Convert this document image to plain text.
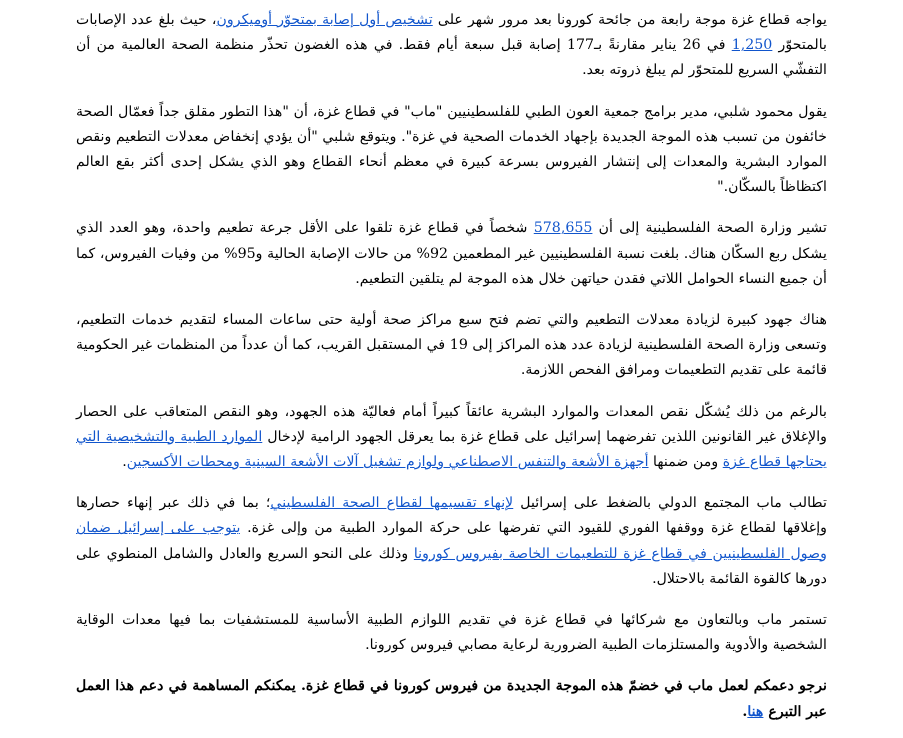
يواجه قطاع غزة موجة رابعة من جائحة كورونا بعد مرور شهر على تشخيص أول إصابة بمتحوّر أوميكرون، حيث بلغ عدد الإصابات بالمتحوّر 1,250 في 26 يناير مقارنةً بـ177 إصابة قبل سبعة أيام فقط. في هذه الغضون تحذّر منظمة الصحة العالمية من أن التفشّي السريع للمتحوّر لم يبلغ ذروته بعد.

يقول محمود شلبي، مدير برامج جمعية العون الطبي للفلسطينيين "ماب" في قطاع غزة، أن "هذا التطور مقلق جداً فعمّال الصحة خائفون من تسبب هذه الموجة الجديدة بإجهاد الخدمات الصحية في غزة". ويتوقع شلبي "أن يؤدي إنخفاض معدلات التطعيم ونقص الموارد البشرية والمعدات إلى إنتشار الفيروس بسرعة كبيرة في معظم أنحاء القطاع وهو الذي يشكل إحدى أكثر بقع العالم اكتظاظاً بالسكّان."

تشير وزارة الصحة الفلسطينية إلى أن 578,655 شخصاً في قطاع غزة تلقوا على الأقل جرعة تطعيم واحدة، وهو العدد الذي يشكل ربع السكّان هناك. بلغت نسبة الفلسطينيين غير المطعمين 92% من حالات الإصابة الحالية و95% من وفيات الفيروس، كما أن جميع النساء الحوامل اللاتي فقدن حياتهن خلال هذه الموجة لم يتلقين التطعيم.

هناك جهود كبيرة لزيادة معدلات التطعيم والتي تضم فتح سبع مراكز صحة أولية حتى ساعات المساء لتقديم خدمات التطعيم، وتسعى وزارة الصحة الفلسطينية لزيادة عدد هذه المراكز إلى 19 في المستقبل القريب، كما أن عدداً من المنظمات غير الحكومية قائمة على تقديم التطعيمات ومرافق الفحص اللازمة.

بالرغم من ذلك يُشكّل نقص المعدات والموارد البشرية عائقاً كبيراً أمام فعاليّة هذه الجهود، وهو النقص المتعاقب على الحصار والإغلاق غير القانونين اللذين تفرضهما إسرائيل على قطاع غزة بما يعرقل الجهود الرامية لإدخال الموارد الطبية والتشخيصية التي يحتاجها قطاع غزة ومن ضمنها أجهزة الأشعة والتنفس الاصطناعي ولوازم تشغيل آلات الأشعة السينية ومحطات الأكسجين.

تطالب ماب المجتمع الدولي بالضغط على إسرائيل لإنهاء تقسيمها لقطاع الصحة الفلسطيني؛ بما في ذلك عبر إنهاء حصارها وإغلاقها لقطاع غزة ووقفها الفوري للقيود التي تفرضها على حركة الموارد الطبية من وإلى غزة. يتوجب على إسرائيل ضمان وصول الفلسطينيين في قطاع غزة للتطعيمات الخاصة بفيروس كورونا وذلك على النحو السريع والعادل والشامل المنطوي على دورها كالقوة القائمة بالاحتلال.

تستمر ماب وبالتعاون مع شركائها في قطاع غزة في تقديم اللوازم الطبية الأساسية للمستشفيات بما فيها معدات الوقاية الشخصية والأدوية والمستلزمات الطبية الضرورية لرعاية مصابي فيروس كورونا.

نرجو دعمكم لعمل ماب في خضمّ هذه الموجة الجديدة من فيروس كورونا في قطاع غزة. يمكنكم المساهمة في دعم هذا العمل عبر التبرع هنا.
